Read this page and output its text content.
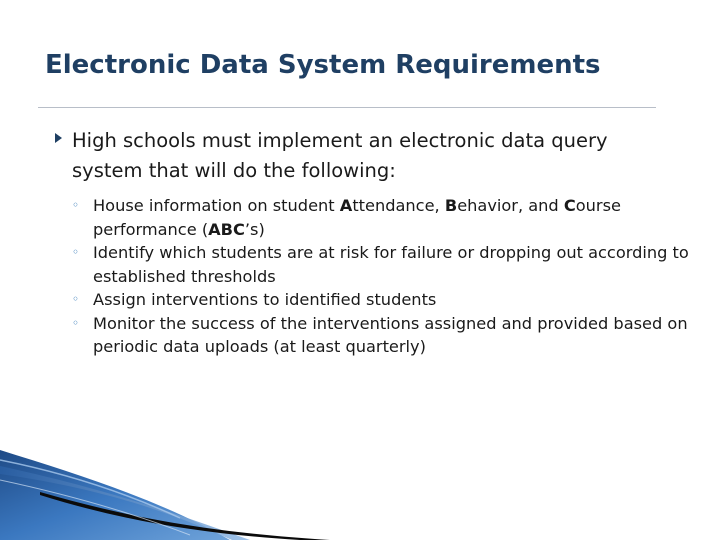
Electronic Data System Requirements
High schools must implement an electronic data query system that will do the following:
◦ House information on student Attendance, Behavior, and Course performance (ABC’s)
◦ Identify which students are at risk for failure or dropping out according to established thresholds
◦ Assign interventions to identified students
◦ Monitor the success of the interventions assigned and provided based on periodic data uploads (at least quarterly)
